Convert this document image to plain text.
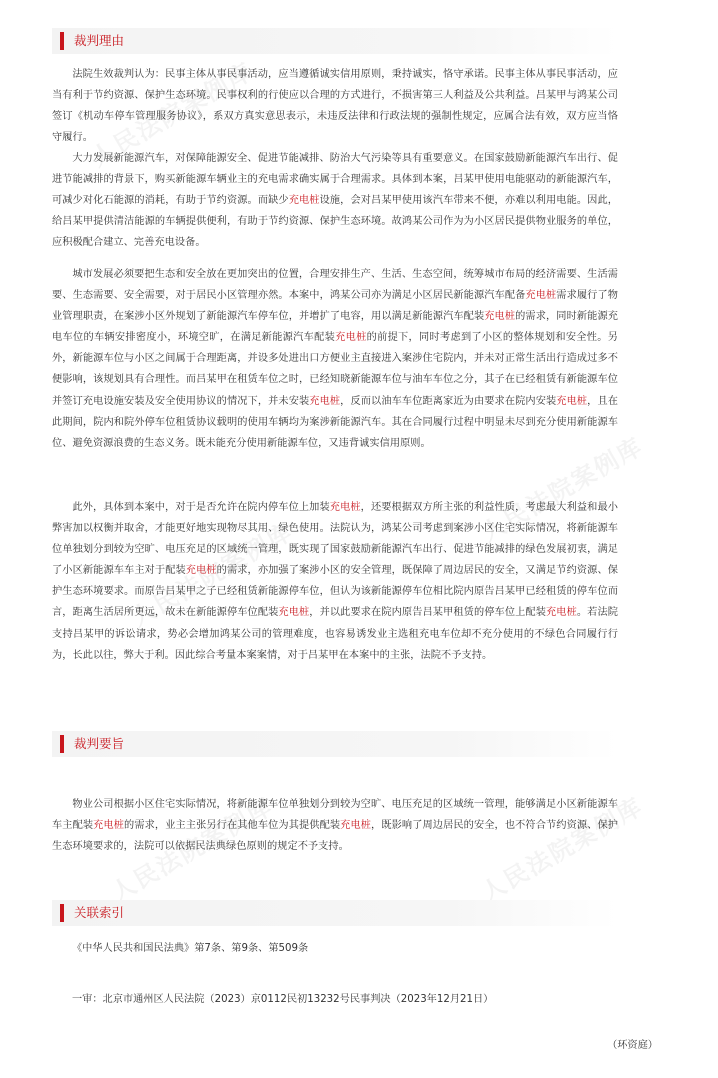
裁判理由

法院生效裁判认为：民事主体从事民事活动，应当遵循诚实信用原则，秉持诚实，恪守承诺。民事主体从事民事活动，应当有利于节约资源、保护生态环境。民事权利的行使应以合理的方式进行，不损害第三人利益及公共利益。吕某甲与鸿某公司签订《机动车停车管理服务协议》，系双方真实意思表示，未违反法律和行政法规的强制性规定，应属合法有效，双方应当恪守履行。

大力发展新能源汽车，对保障能源安全、促进节能减排、防治大气污染等具有重要意义。在国家鼓励新能源汽车出行、促进节能减排的背景下，购买新能源车辆业主的充电需求确实属于合理需求。具体到本案，吕某甲使用电能驱动的新能源汽车，可减少对化石能源的消耗，有助于节约资源。而缺少充电桩设施，会对吕某甲使用该汽车带来不便，亦难以利用电能。因此，给吕某甲提供清洁能源的车辆提供便利，有助于节约资源、保护生态环境。故鸿某公司作为为小区居民提供物业服务的单位，应积极配合建立、完善充电设备。

城市发展必须要把生态和安全放在更加突出的位置，合理安排生产、生活、生态空间，统筹城市布局的经济需要、生活需要、生态需要、安全需要，对于居民小区管理亦然。本案中，鸿某公司亦为满足小区居民新能源汽车配备充电桩需求履行了物业管理职责，在案涉小区外规划了新能源汽车停车位，并增扩了电容，用以满足新能源汽车配装充电桩的需求，同时新能源充电车位的车辆安排密度小，环境空旷，在满足新能源汽车配装充电桩的前提下，同时考虑到了小区的整体规划和安全性。另外，新能源车位与小区之间属于合理距离，并设多处进出口方便业主直接进入案涉住宅院内，并未对正常生活出行造成过多不便影响，该规划具有合理性。而吕某甲在租赁车位之时，已经知晓新能源车位与油车车位之分，其子在已经租赁有新能源车位并签订充电设施安装及安全使用协议的情况下，并未安装充电桩，反而以油车车位距离家近为由要求在院内安装充电桩，且在此期间，院内和院外停车位租赁协议载明的使用车辆均为案涉新能源汽车。其在合同履行过程中明显未尽到充分使用新能源车位、避免资源浪费的生态义务。既未能充分使用新能源车位，又违背诚实信用原则。

此外，具体到本案中，对于是否允许在院内停车位上加装充电桩，还要根据双方所主张的利益性质，考虑最大利益和最小弊害加以权衡并取舍，才能更好地实现物尽其用、绿色使用。法院认为，鸿某公司考虑到案涉小区住宅实际情况，将新能源车位单独划分到较为空旷、电压充足的区域统一管理，既实现了国家鼓励新能源汽车出行、促进节能减排的绿色发展初衷，满足了小区新能源车车主对于配装充电桩的需求，亦加强了案涉小区的安全管理，既保障了周边居民的安全，又满足节约资源、保护生态环境要求。而原告吕某甲之子已经租赁新能源停车位，但认为该新能源停车位相比院内原告吕某甲已经租赁的停车位而言，距离生活居所更远，故未在新能源停车位配装充电桩，并以此要求在院内原告吕某甲租赁的停车位上配装充电桩。若法院支持吕某甲的诉讼请求，势必会增加鸿某公司的管理难度，也容易诱发业主选租充电车位却不充分使用的不绿色合同履行行为，长此以往，弊大于利。因此综合考量本案案情，对于吕某甲在本案中的主张，法院不予支持。

裁判要旨

物业公司根据小区住宅实际情况，将新能源车位单独划分到较为空旷、电压充足的区域统一管理，能够满足小区新能源车车主配装充电桩的需求，业主主张另行在其他车位为其提供配装充电桩，既影响了周边居民的安全，也不符合节约资源、保护生态环境要求的，法院可以依据民法典绿色原则的规定不予支持。

关联索引

《中华人民共和国民法典》第7条、第9条、第509条

一审：北京市通州区人民法院（2023）京0112民初13232号民事判决（2023年12月21日）

（环资庭）
